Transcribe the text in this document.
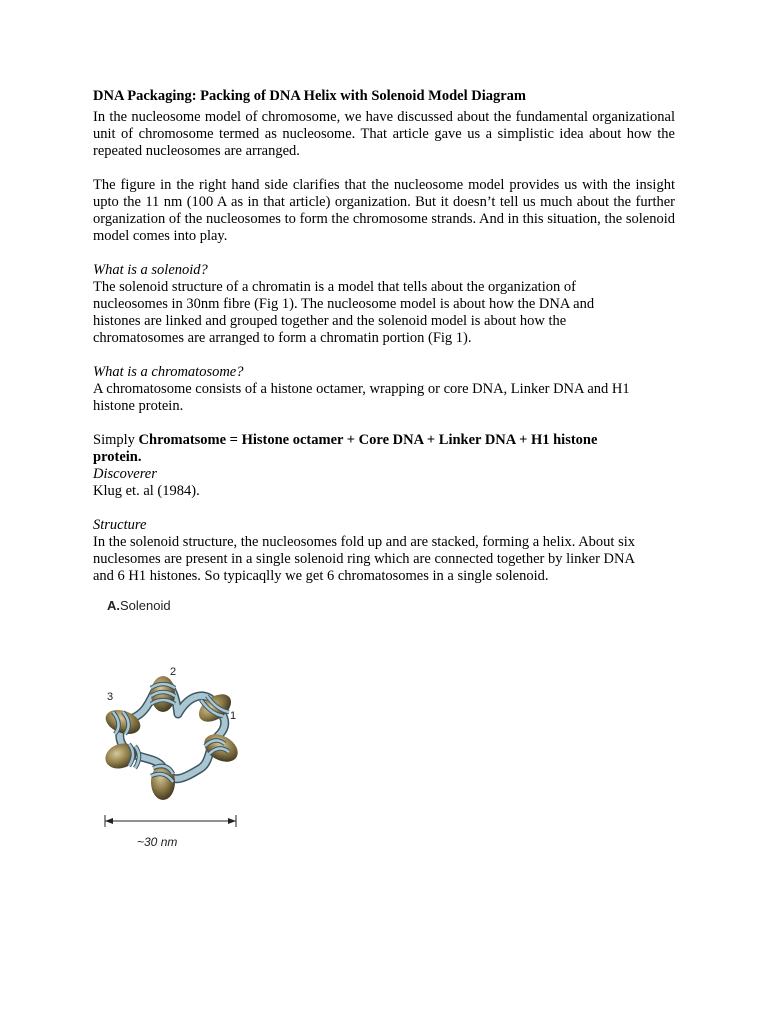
DNA Packaging: Packing of DNA Helix with Solenoid Model Diagram

In the nucleosome model of chromosome, we have discussed about the fundamental organizational unit of chromosome termed as nucleosome. That article gave us a simplistic idea about how the repeated nucleosomes are arranged.

The figure in the right hand side clarifies that the nucleosome model provides us with the insight upto the 11 nm (100 A as in that article) organization. But it doesn’t tell us much about the further organization of the nucleosomes to form the chromosome strands. And in this situation, the solenoid model comes into play.

What is a solenoid?

The solenoid structure of a chromatin is a model that tells about the organization of

nucleosomes in 30nm fibre (Fig 1). The nucleosome model is about how the DNA and

histones are linked and grouped together and the solenoid model is about how the

chromatosomes are arranged to form a chromatin portion (Fig 1).

What is a chromatosome?

A chromatosome consists of a histone octamer, wrapping or core DNA, Linker DNA and H1

histone protein.

Simply Chromatsome = Histone octamer + Core DNA + Linker DNA + H1 histone

protein.

Discoverer

Klug et. al (1984).

Structure

In the solenoid structure, the nucleosomes fold up and are stacked, forming a helix. About six

nuclesomes are present in a single solenoid ring which are connected together by linker DNA

and 6 H1 histones. So typicaqlly we get 6 chromatosomes in a single solenoid.

A.Solenoid
2
1
3
~30 nm
